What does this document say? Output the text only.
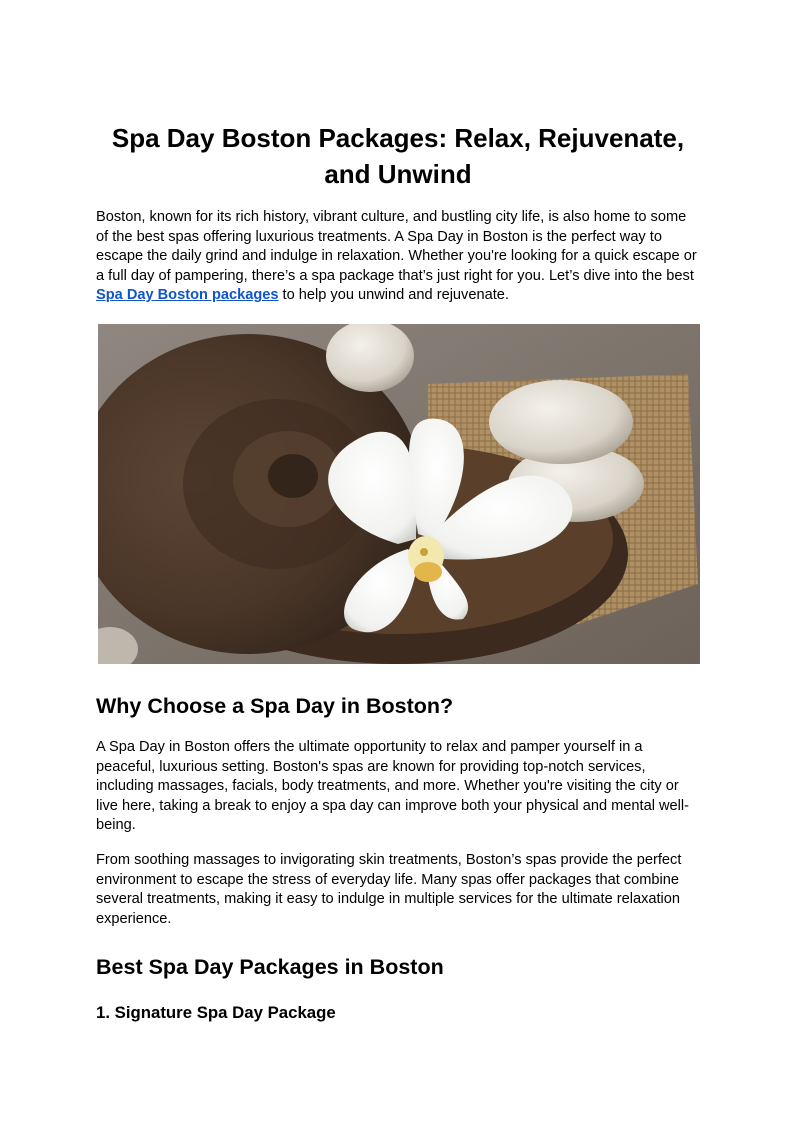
Spa Day Boston Packages: Relax, Rejuvenate, and Unwind

Boston, known for its rich history, vibrant culture, and bustling city life, is also home to some of the best spas offering luxurious treatments. A Spa Day in Boston is the perfect way to escape the daily grind and indulge in relaxation. Whether you're looking for a quick escape or a full day of pampering, there’s a spa package that’s just right for you. Let’s dive into the best Spa Day Boston packages to help you unwind and rejuvenate.

Why Choose a Spa Day in Boston?

A Spa Day in Boston offers the ultimate opportunity to relax and pamper yourself in a peaceful, luxurious setting. Boston's spas are known for providing top-notch services, including massages, facials, body treatments, and more. Whether you're visiting the city or live here, taking a break to enjoy a spa day can improve both your physical and mental well-being.

From soothing massages to invigorating skin treatments, Boston’s spas provide the perfect environment to escape the stress of everyday life. Many spas offer packages that combine several treatments, making it easy to indulge in multiple services for the ultimate relaxation experience.

Best Spa Day Packages in Boston
1. Signature Spa Day Package
